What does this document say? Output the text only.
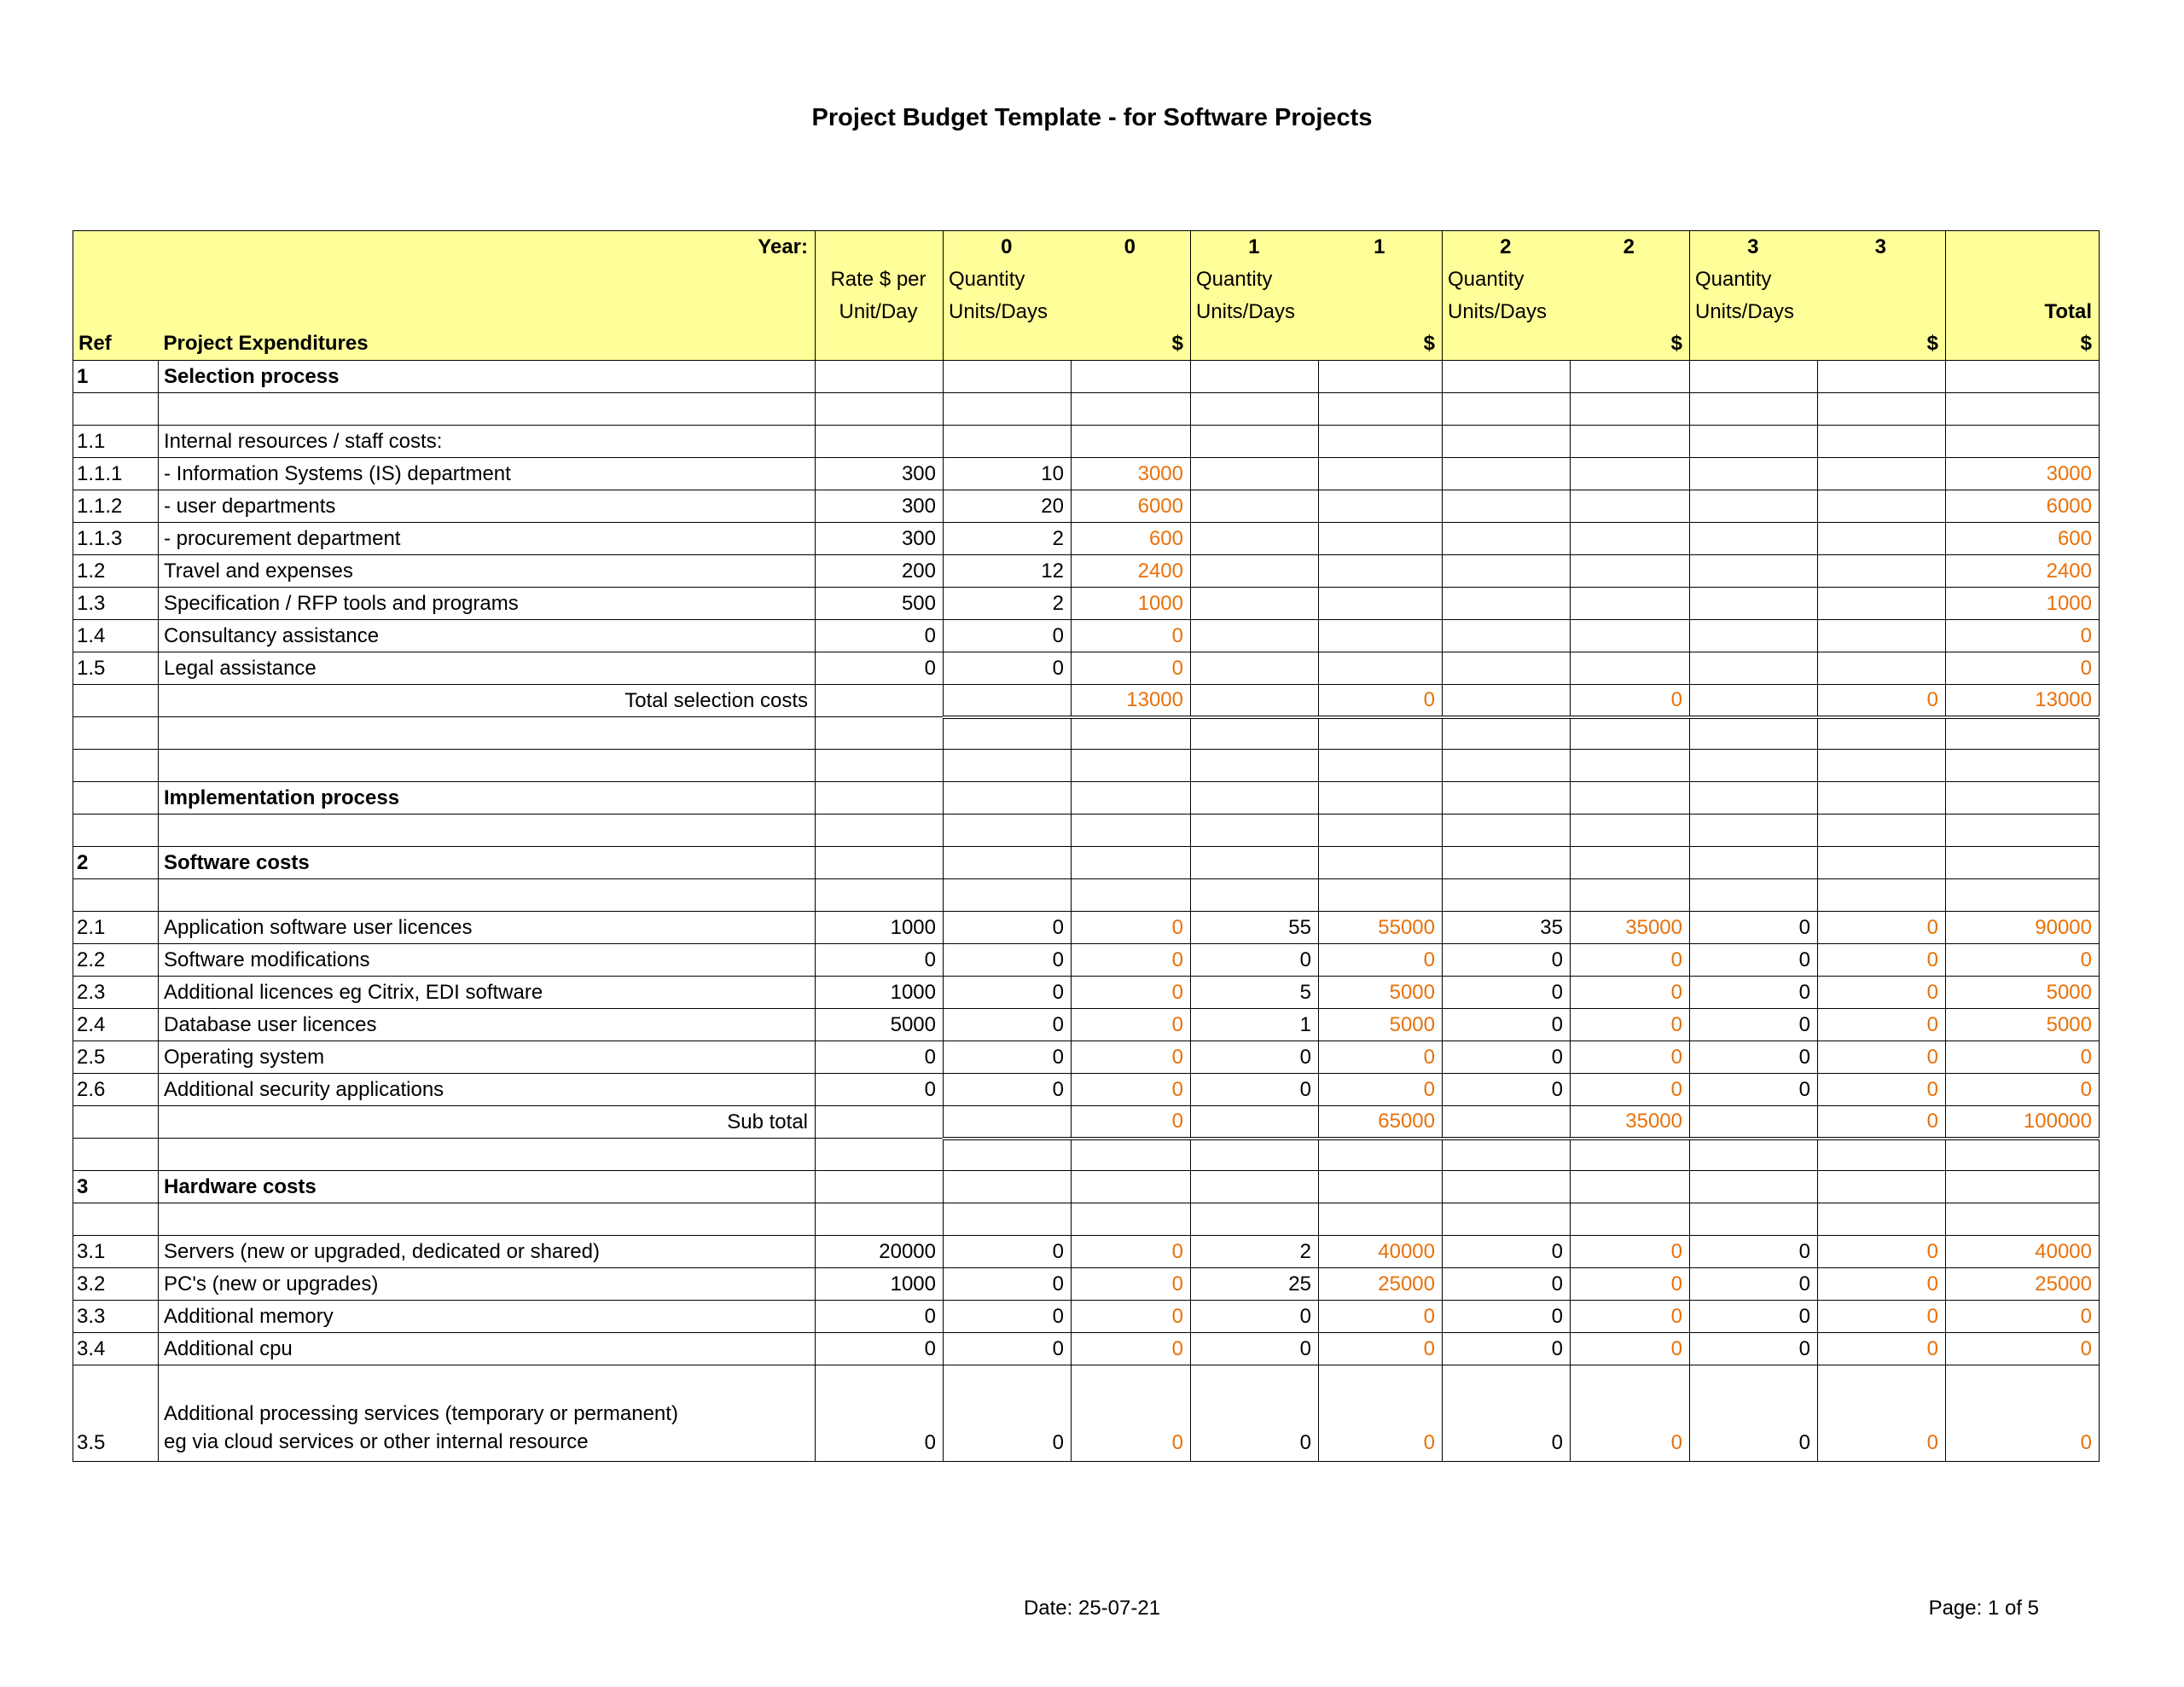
Project Budget Template - for Software Projects
	Year:		0	0	1	1	2	2	3	3	
		Rate $ per	Quantity		Quantity		Quantity		Quantity		
		Unit/Day	Units/Days		Units/Days		Units/Days		Units/Days		Total
Ref	Project Expenditures			$		$		$		$	$
1	Selection process										

1.1	Internal resources / staff costs:										
1.1.1	- Information Systems (IS) department	300	10	3000							3000
1.1.2	- user departments	300	20	6000							6000
1.1.3	- procurement department	300	2	600							600
1.2	Travel and expenses	200	12	2400							2400
1.3	Specification / RFP tools and programs	500	2	1000							1000
1.4	Consultancy assistance	0	0	0							0
1.5	Legal assistance	0	0	0							0
	Total selection costs			13000		0		0		0	13000

	Implementation process										

2	Software costs										

2.1	Application software user licences	1000	0	0	55	55000	35	35000	0	0	90000
2.2	Software modifications	0	0	0	0	0	0	0	0	0	0
2.3	Additional licences eg Citrix, EDI software	1000	0	0	5	5000	0	0	0	0	5000
2.4	Database user licences	5000	0	0	1	5000	0	0	0	0	5000
2.5	Operating system	0	0	0	0	0	0	0	0	0	0
2.6	Additional security applications	0	0	0	0	0	0	0	0	0	0
	Sub total			0		65000		35000		0	100000

3	Hardware costs										

3.1	Servers (new or upgraded, dedicated or shared)	20000	0	0	2	40000	0	0	0	0	40000
3.2	PC's (new or upgrades)	1000	0	0	25	25000	0	0	0	0	25000
3.3	Additional memory	0	0	0	0	0	0	0	0	0	0
3.4	Additional cpu	0	0	0	0	0	0	0	0	0	0
3.5	Additional processing services (temporary or permanent)
eg via cloud services or other internal resource	0	0	0	0	0	0	0	0	0	0
Date: 25-07-21	Page: 1 of 5
